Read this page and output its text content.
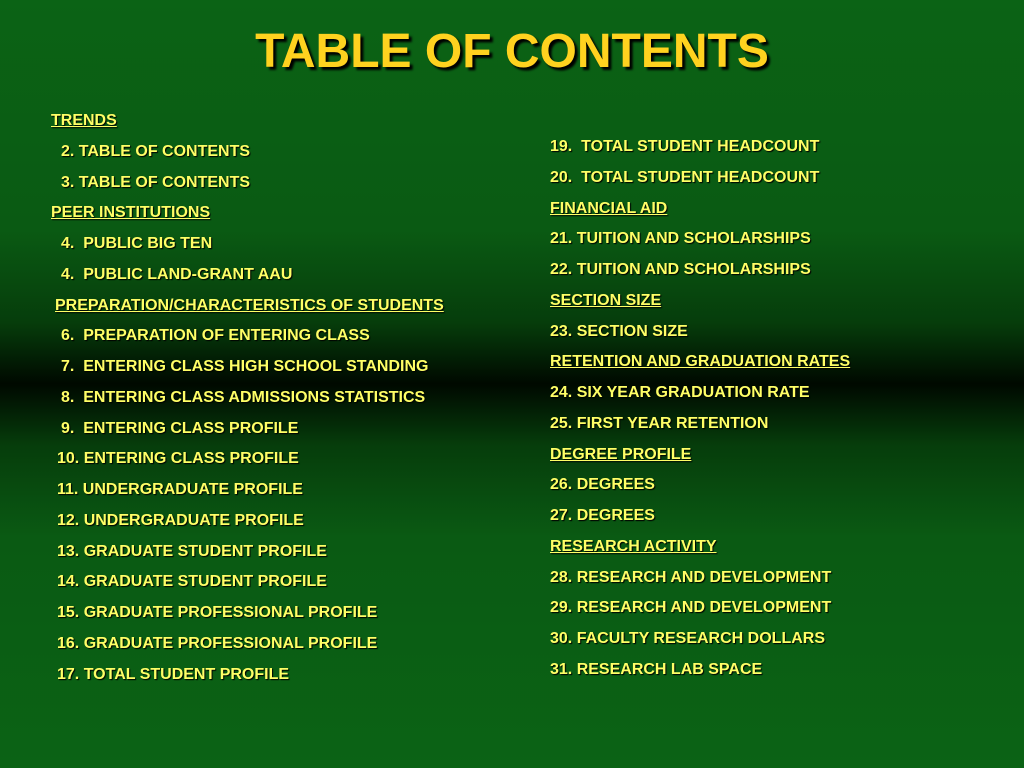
TABLE OF CONTENTS
TRENDS
2. TABLE OF CONTENTS
3. TABLE OF CONTENTS
PEER INSTITUTIONS
4.  PUBLIC BIG TEN
4.  PUBLIC LAND-GRANT AAU
PREPARATION/CHARACTERISTICS OF STUDENTS
6.  PREPARATION OF ENTERING CLASS
7.  ENTERING CLASS HIGH SCHOOL STANDING
8.  ENTERING CLASS ADMISSIONS STATISTICS
9.  ENTERING CLASS PROFILE
10. ENTERING CLASS PROFILE
11. UNDERGRADUATE PROFILE
12. UNDERGRADUATE PROFILE
13. GRADUATE STUDENT PROFILE
14. GRADUATE STUDENT PROFILE
15. GRADUATE PROFESSIONAL PROFILE
16. GRADUATE PROFESSIONAL PROFILE
17. TOTAL STUDENT PROFILE
19.  TOTAL STUDENT HEADCOUNT
20.  TOTAL STUDENT HEADCOUNT
FINANCIAL AID
21. TUITION AND SCHOLARSHIPS
22. TUITION AND SCHOLARSHIPS
SECTION SIZE
23. SECTION SIZE
RETENTION AND GRADUATION RATES
24. SIX YEAR GRADUATION RATE
25. FIRST YEAR RETENTION
DEGREE PROFILE
26. DEGREES
27. DEGREES
RESEARCH ACTIVITY
28. RESEARCH AND DEVELOPMENT
29. RESEARCH AND DEVELOPMENT
30. FACULTY RESEARCH DOLLARS
31. RESEARCH LAB SPACE
